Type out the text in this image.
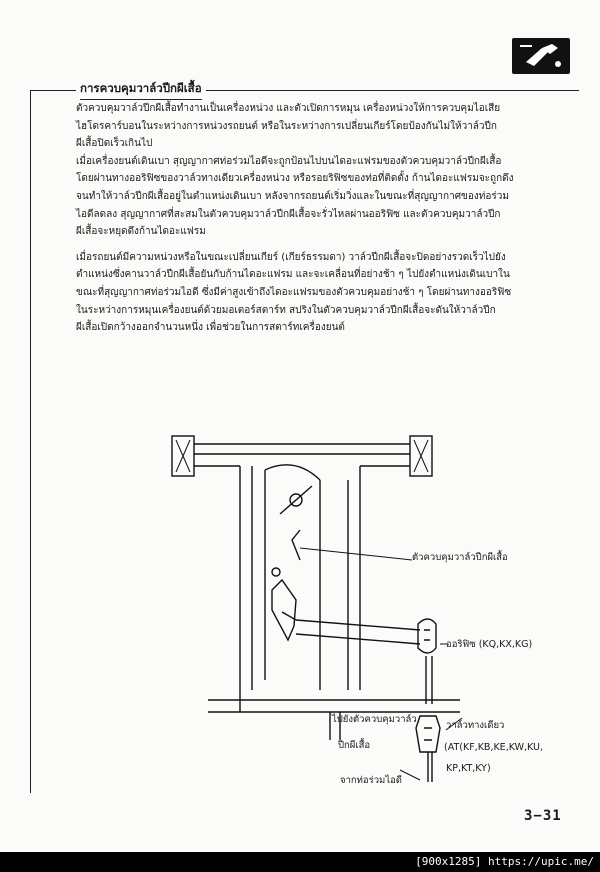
การควบคุมวาล์วปีกผีเสื้อ

ตัวควบคุมวาล์วปีกผีเสื้อทำงานเป็นเครื่องหน่วง และตัวเปิดการหมุน เครื่องหน่วงให้การควบคุมไอเสียไฮโดรคาร์บอนในระหว่างการหน่วงรถยนต์ หรือในระหว่างการเปลี่ยนเกียร์โดยป้องกันไม่ให้วาล์วปีกผีเสื้อปิดเร็วเกินไป

เมื่อเครื่องยนต์เดินเบา สุญญากาศท่อร่วมไอดีจะถูกป้อนไปบนไดอะแฟรมของตัวควบคุมวาล์วปีกผีเสื้อ โดยผ่านทางออริฟิซของวาล์วทางเดียวเครื่องหน่วง หรือรอยริฟิซของท่อที่ติดตั้ง ก้านไดอะแฟรมจะถูกดึงจนทำให้วาล์วปีกผีเสื้ออยู่ในตำแหน่งเดินเบา หลังจากรถยนต์เริ่มวิ่งและในขณะที่สุญญากาศของท่อร่วมไอดีลดลง สุญญากาศที่สะสมในตัวควบคุมวาล์วปีกผีเสื้อจะรั่วไหลผ่านออริฟิซ และตัวควบคุมวาล์วปีกผีเสื้อจะหยุดดึงก้านไดอะแฟรม

เมื่อรถยนต์มีความหน่วงหรือในขณะเปลี่ยนเกียร์ (เกียร์ธรรมดา) วาล์วปีกผีเสื้อจะปิดอย่างรวดเร็วไปยังตำแหน่งซึ่งคานวาล์วปีกผีเสื้อยันกับก้านไดอะแฟรม และจะเคลื่อนที่อย่างช้า ๆ ไปยังตำแหน่งเดินเบาในขณะที่สุญญากาศท่อร่วมไอดี ซึ่งมีค่าสูงเข้าถึงไดอะแฟรมของตัวควบคุมอย่างช้า ๆ โดยผ่านทางออริฟิซ

ในระหว่างการหมุนเครื่องยนต์ด้วยมอเตอร์สตาร์ท สปริงในตัวควบคุมวาล์วปีกผีเสื้อจะดันให้วาล์วปีกผีเสื้อเปิดกว้างออกจำนวนหนึ่ง เพื่อช่วยในการสตาร์ทเครื่องยนต์

ตัวควบคุมวาล์วปีกผีเสื้อ
ออริฟิซ (KQ,KX,KG)
ไปยังตัวควบคุมวาล์ว
ปีกผีเสื้อ
วาล์วทางเดียว
(AT(KF,KB,KE,KW,KU,
KP,KT,KY)
จากท่อร่วมไอดี
3−31
[900x1285] https://upic.me/
